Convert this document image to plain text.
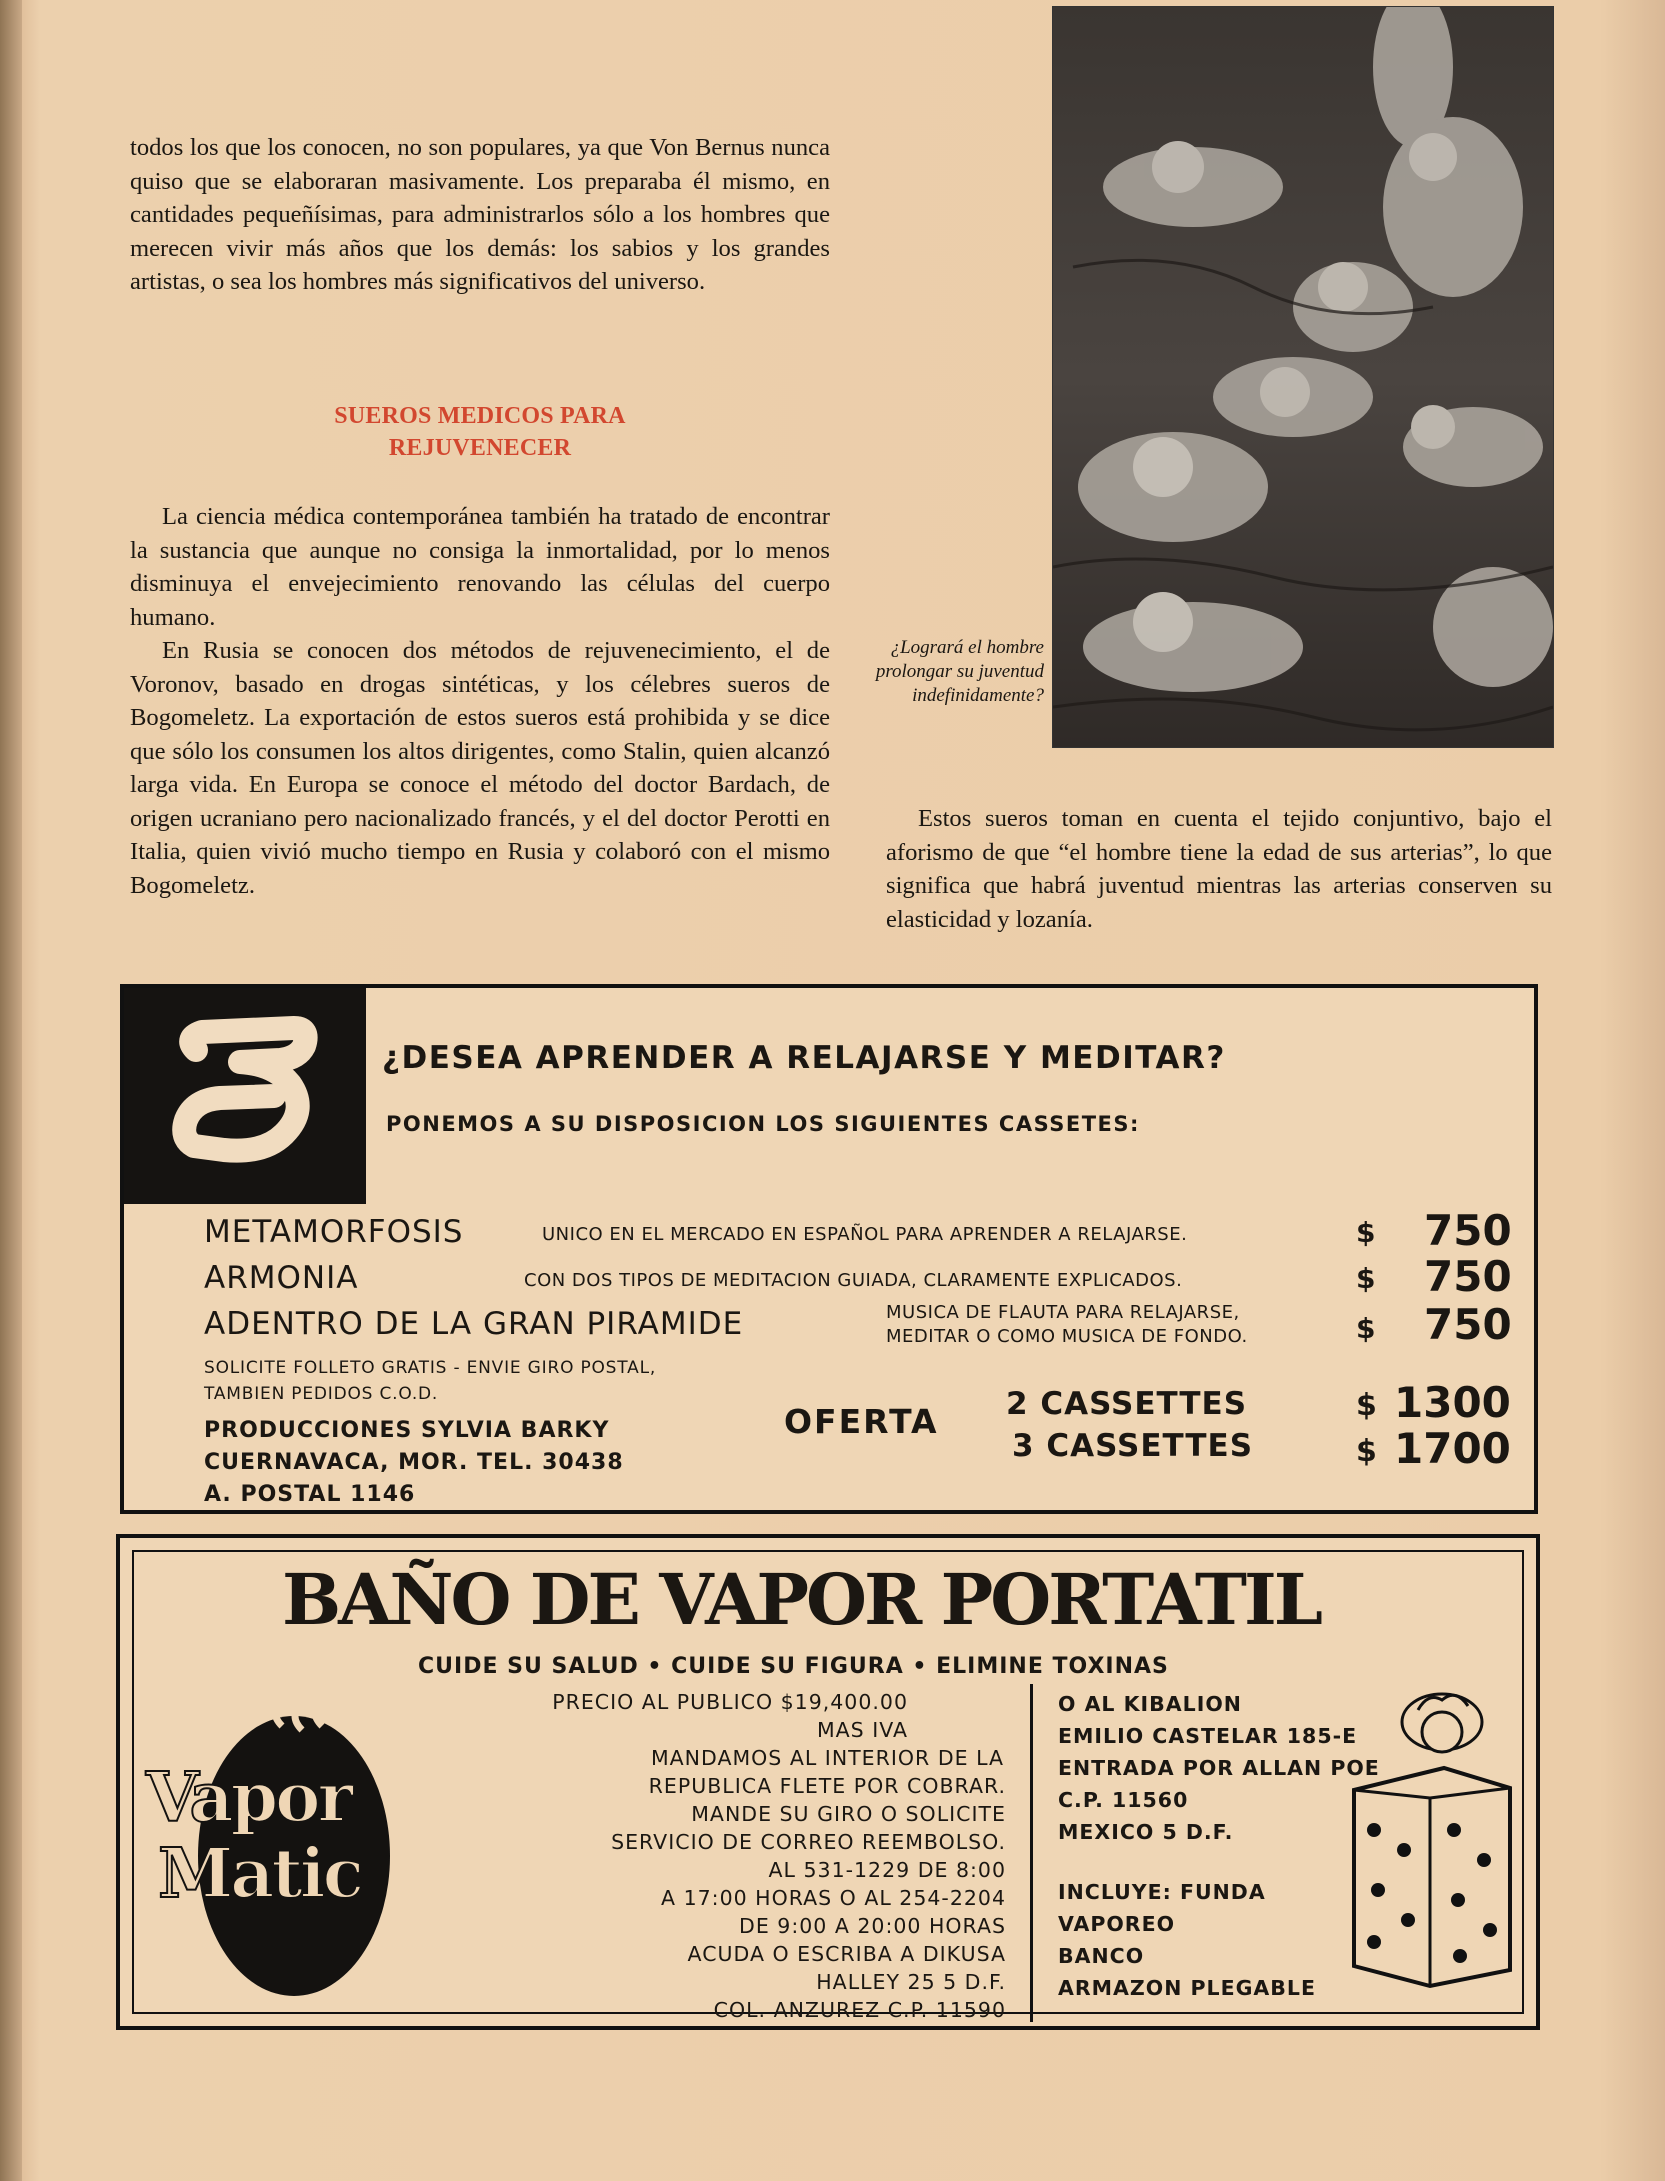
todos los que los conocen, no son populares, ya que Von Bernus nunca quiso que se elaboraran masivamente. Los preparaba él mismo, en cantidades pequeñísimas, para administrarlos sólo a los hombres que merecen vivir más años que los demás: los sabios y los grandes artistas, o sea los hombres más significativos del universo.

SUEROS MEDICOS PARA
REJUVENECER

La ciencia médica contemporánea también ha tratado de encontrar la sustancia que aunque no consiga la inmortalidad, por lo menos disminuya el envejecimiento renovando las células del cuerpo humano.

En Rusia se conocen dos métodos de rejuvenecimiento, el de Voronov, basado en drogas sintéticas, y los célebres sueros de Bogomeletz. La exportación de estos sueros está prohibida y se dice que sólo los consumen los altos dirigentes, como Stalin, quien alcanzó larga vida. En Europa se conoce el método del doctor Bardach, de origen ucraniano pero nacionalizado francés, y el del doctor Perotti en Italia, quien vivió mucho tiempo en Rusia y colaboró con el mismo Bogomeletz.

¿Logrará el hombre prolongar su juventud indefinidamente?

Estos sueros toman en cuenta el tejido conjuntivo, bajo el aforismo de que “el hombre tiene la edad de sus arterias”, lo que significa que habrá juventud mientras las arterias conserven su elasticidad y lozanía.

¿DESEA APRENDER A RELAJARSE Y MEDITAR?
PONEMOS A SU DISPOSICION LOS SIGUIENTES CASSETES:
METAMORFOSIS	UNICO EN EL MERCADO EN ESPAÑOL PARA APRENDER A RELAJARSE.	$ 750
ARMONIA	CON DOS TIPOS DE MEDITACION GUIADA, CLARAMENTE EXPLICADOS.	$ 750
ADENTRO DE LA GRAN PIRAMIDE	MUSICA DE FLAUTA PARA RELAJARSE,
MEDITAR O COMO MUSICA DE FONDO.	$ 750
SOLICITE FOLLETO GRATIS - ENVIE GIRO POSTAL,
TAMBIEN PEDIDOS C.O.D.
PRODUCCIONES SYLVIA BARKY
CUERNAVACA, MOR. TEL. 30438
A. POSTAL 1146
OFERTA 2 CASSETTES	$ 1300
3 CASSETTES	$ 1700
BAÑO DE VAPOR PORTATIL
CUIDE SU SALUD • CUIDE SU FIGURA • ELIMINE TOXINAS
Vapor
Matic
PRECIO AL PUBLICO $19,400.00
MAS IVA
MANDAMOS AL INTERIOR DE LA
REPUBLICA FLETE POR COBRAR.
MANDE SU GIRO O SOLICITE
SERVICIO DE CORREO REEMBOLSO.
AL 531-1229 DE 8:00
A 17:00 HORAS O AL 254-2204
DE 9:00 A 20:00 HORAS
ACUDA O ESCRIBA A DIKUSA
HALLEY 25 5 D.F.
COL. ANZUREZ C.P. 11590
O AL KIBALION
EMILIO CASTELAR 185-E
ENTRADA POR ALLAN POE
C.P. 11560
MEXICO 5 D.F.
INCLUYE: FUNDA
VAPOREO
BANCO
ARMAZON PLEGABLE
